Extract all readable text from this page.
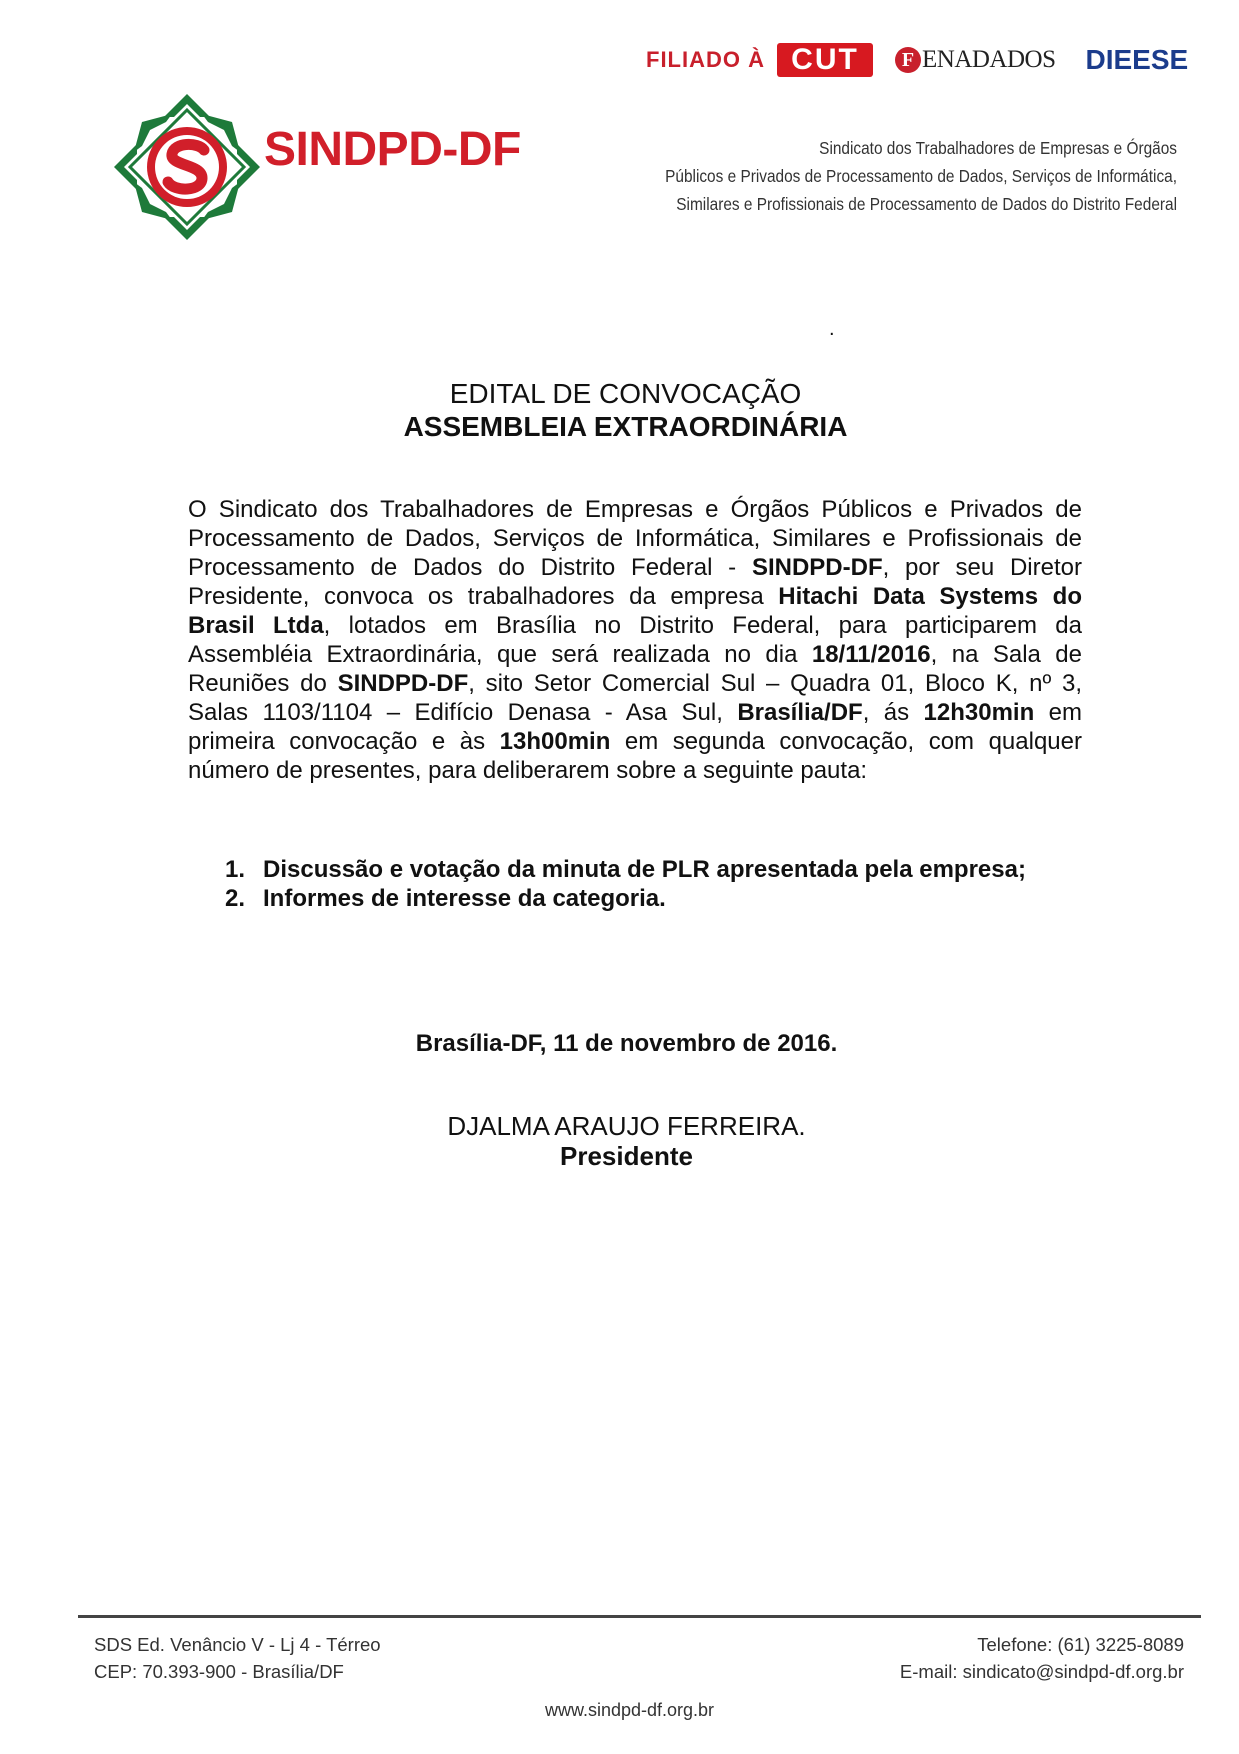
FILIADO À CUT	F ENADADOS DIEESE
SINDPD-DF	Sindicato dos Trabalhadores de Empresas e Órgãos
Públicos e Privados de Processamento de Dados, Serviços de Informática,
Similares e Profissionais de Processamento de Dados do Distrito Federal
.
EDITAL DE CONVOCAÇÃO
ASSEMBLEIA EXTRAORDINÁRIA

O Sindicato dos Trabalhadores de Empresas e Órgãos Públicos e Privados de Processamento de Dados, Serviços de Informática, Similares e Profissionais de Processamento de Dados do Distrito Federal - SINDPD-DF, por seu Diretor Presidente, convoca os trabalhadores da empresa Hitachi Data Systems do Brasil Ltda, lotados em Brasília no Distrito Federal, para participarem da Assembléia Extraordinária, que será realizada no dia 18/11/2016, na Sala de Reuniões do SINDPD-DF, sito Setor Comercial Sul – Quadra 01, Bloco K, nº 3, Salas 1103/1104 – Edifício Denasa - Asa Sul, Brasília/DF, ás 12h30min em primeira convocação e às 13h00min em segunda convocação, com qualquer número de presentes, para deliberarem sobre a seguinte pauta:

1. Discussão e votação da minuta de PLR apresentada pela empresa;
2. Informes de interesse da categoria.
Brasília-DF, 11 de novembro de 2016.
DJALMA ARAUJO FERREIRA.
Presidente
SDS Ed. Venâncio V - Lj 4 - Térreo
CEP: 70.393-900 - Brasília/DF
Telefone: (61) 3225-8089
E-mail: sindicato@sindpd-df.org.br
www.sindpd-df.org.br
